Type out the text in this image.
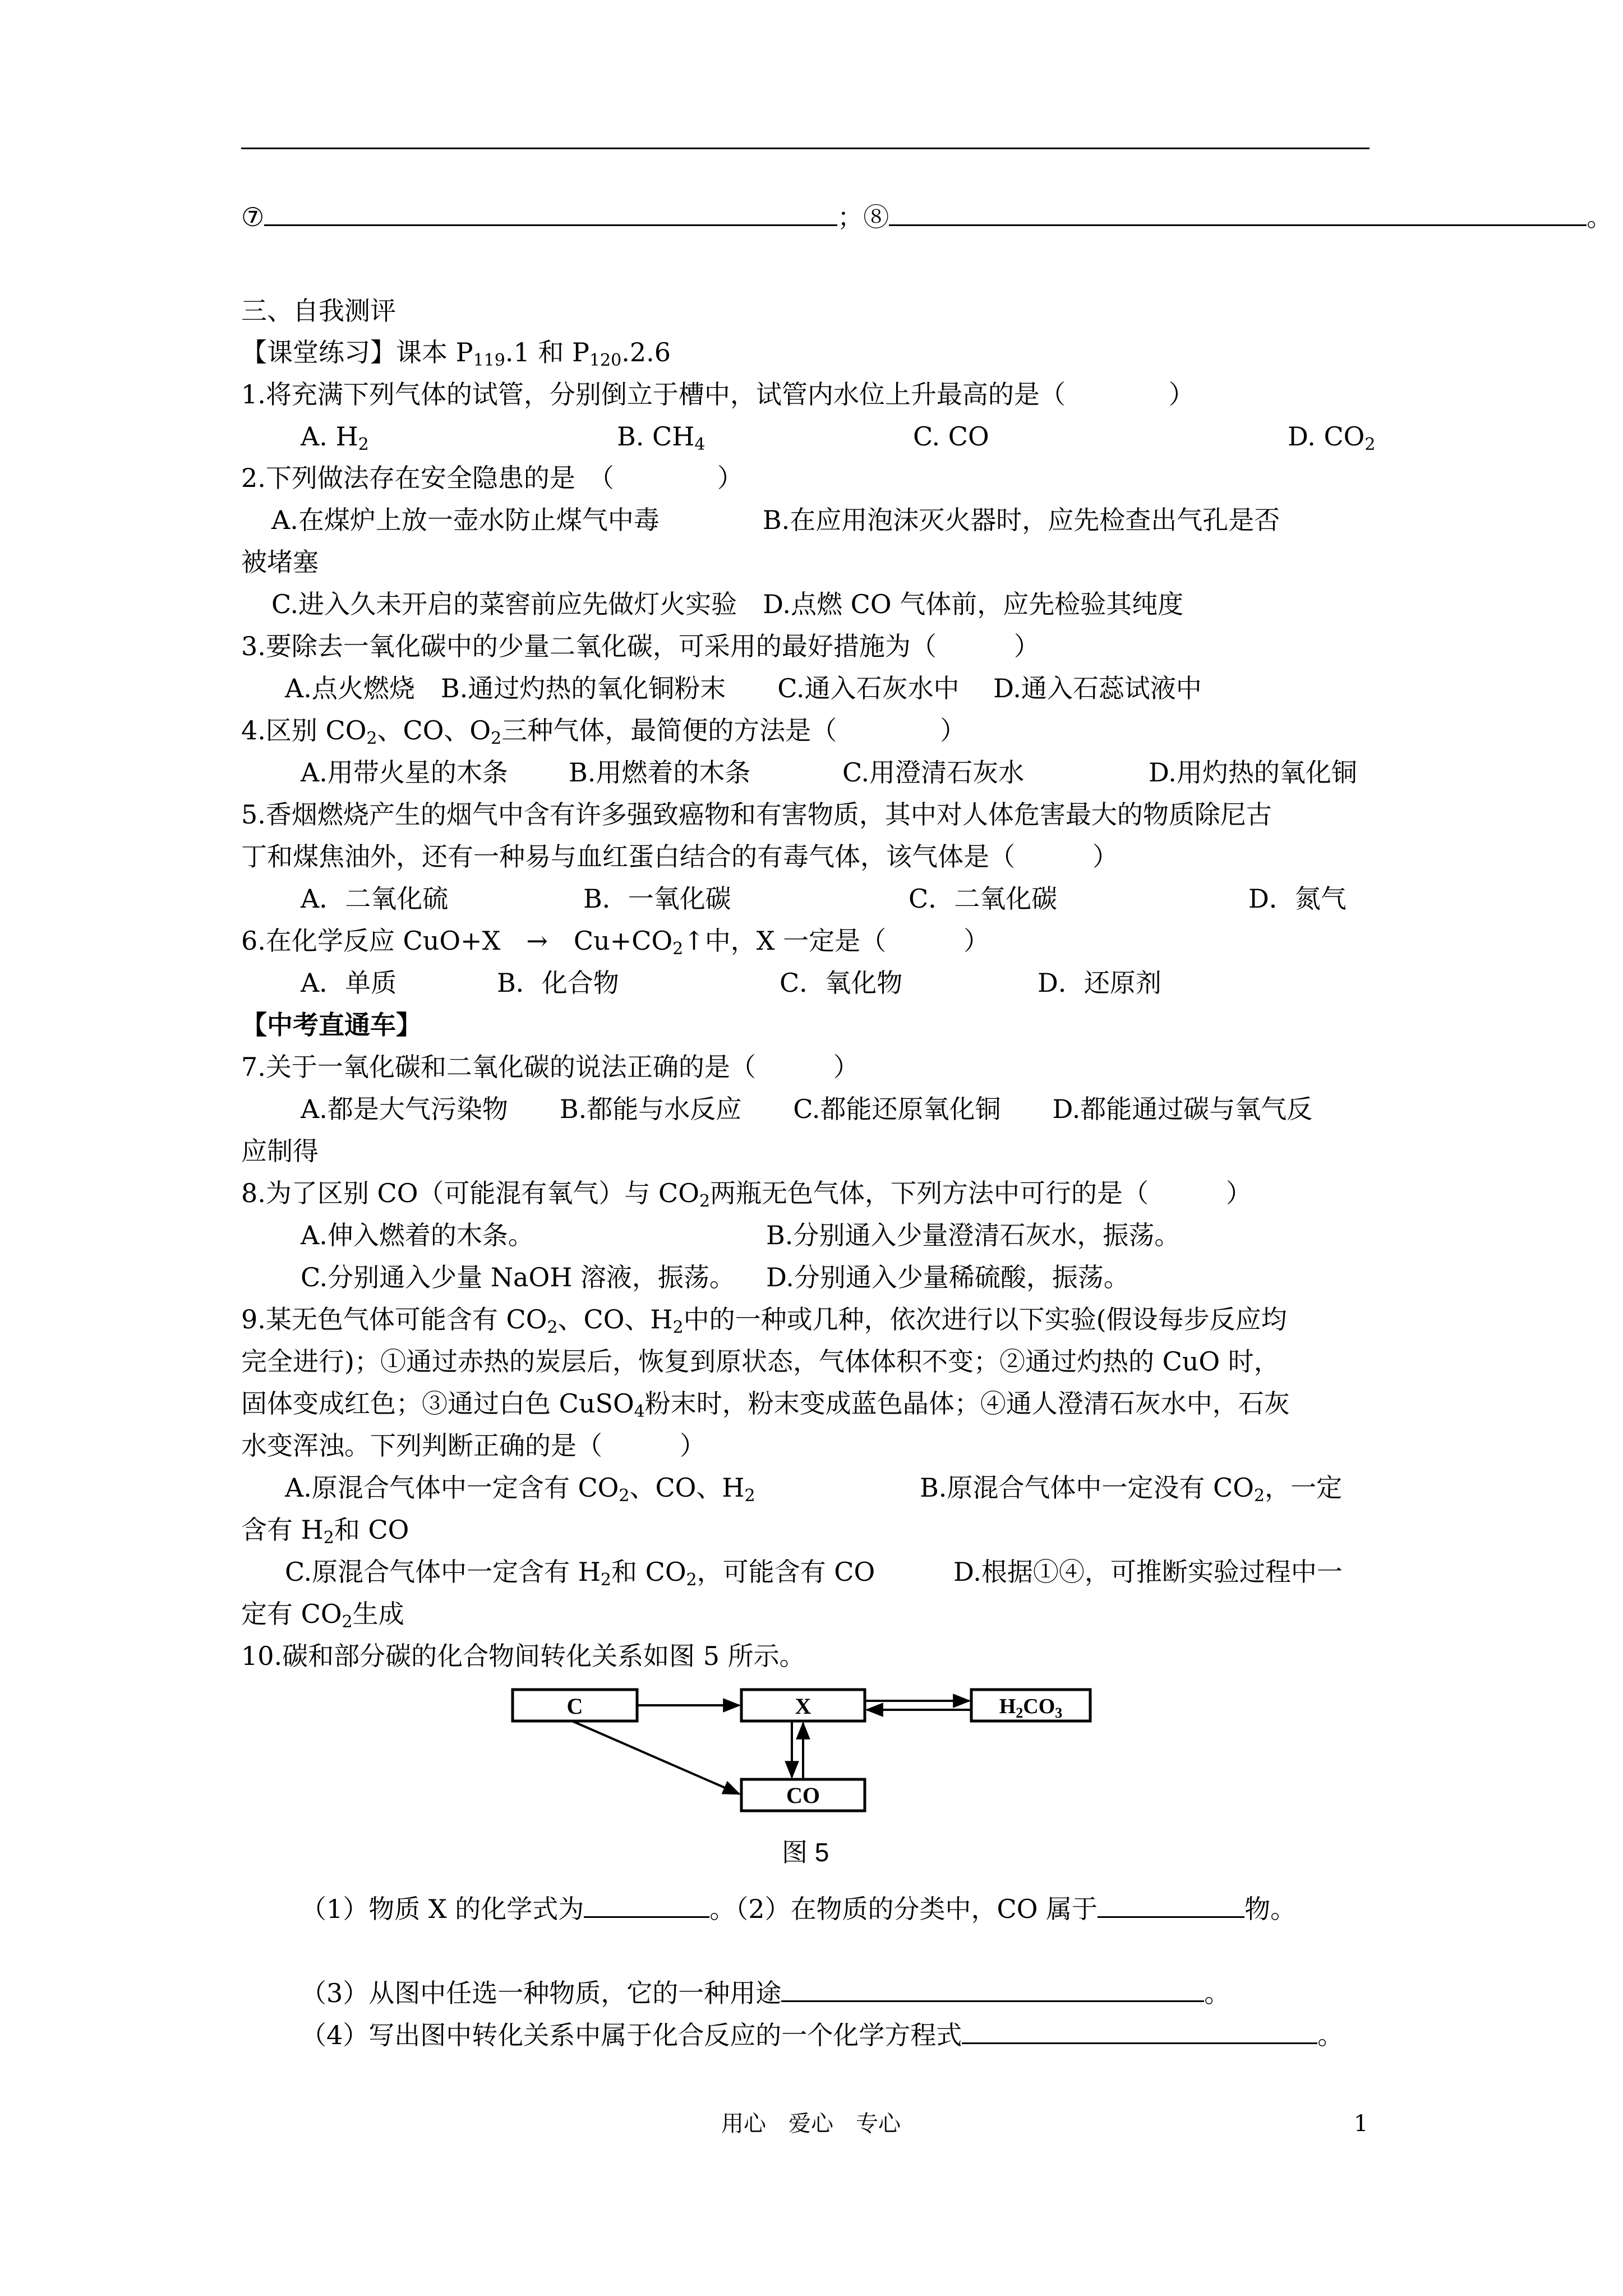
⑦	；⑧	。
三、自我测评
【课堂练习】课本 $P_{119}.1$ 和 $P_{120}.2.6$
1.将充满下列气体的试管，分别倒立于槽中，试管内水位上升最高的是（　　　　）
A. $H_2$	B. $CH_4$	C. CO	D. $CO_2$
2.下列做法存在安全隐患的是　（　　　　）
A.在煤炉上放一壶水防止煤气中毒　　　　B.在应用泡沫灭火器时，应先检查出气孔是否
被堵塞
C.进入久未开启的菜窖前应先做灯火实验　D.点燃 CO 气体前，应先检验其纯度
3.要除去一氧化碳中的少量二氧化碳，可采用的最好措施为（　　　）
A.点火燃烧　B.通过灼热的氧化铜粉末　　C.通入石灰水中　 D.通入石蕊试液中
4.区别 $CO_2$、CO、$O_2$三种气体，最简便的方法是（　　　　）
A.用带火星的木条 B.用燃着的木条	C.用澄清石灰水	D.用灼热的氧化铜
5.香烟燃烧产生的烟气中含有许多强致癌物和有害物质，其中对人体危害最大的物质除尼古
丁和煤焦油外，还有一种易与血红蛋白结合的有毒气体，该气体是（　　　）
A．二氧化硫	B．一氧化碳	C．二氧化碳	D．氮气
6.在化学反应 CuO+X　→　$Cu+CO_2↑$中，X 一定是（　　　）
A．单质	B．化合物	C．氧化物	D．还原剂
【中考直通车】
7.关于一氧化碳和二氧化碳的说法正确的是（　　　）
A.都是大气污染物　　B.都能与水反应　　C.都能还原氧化铜　　D.都能通过碳与氧气反
应制得
8.为了区别 CO（可能混有氧气）与 $CO_2$两瓶无色气体，下列方法中可行的是（　　　）
A.伸入燃着的木条。	B.分别通入少量澄清石灰水，振荡。
C.分别通入少量 NaOH 溶液，振荡。 D.分别通入少量稀硫酸，振荡。
9.某无色气体可能含有 $CO_2$、CO、$H_2$中的一种或几种，依次进行以下实验(假设每步反应均
完全进行)；①通过赤热的炭层后，恢复到原状态，气体体积不变；②通过灼热的 CuO 时，
固体变成红色；③通过白色 CuSO$_4$粉末时，粉末变成蓝色晶体；④通人澄清石灰水中，石灰
水变浑浊。下列判断正确的是（　　　）
A.原混合气体中一定含有 $CO_2$、CO、$H_2$	B.原混合气体中一定没有 $CO_2$，一定
含有 $H_2$和 CO
C.原混合气体中一定含有 $H_2$和 $CO_2$，可能含有 CO	D.根据①④，可推断实验过程中一
定有 $CO_2$生成
10.碳和部分碳的化合物间转化关系如图 5 所示。
C	X	$H_2CO_3$
CO
图 5
（1）物质 X 的化学式为	。（2）在物质的分类中，CO 属于	物。
（3）从图中任选一种物质，它的一种用途	。
（4）写出图中转化关系中属于化合反应的一个化学方程式	。
用心　爱心　专心	1
